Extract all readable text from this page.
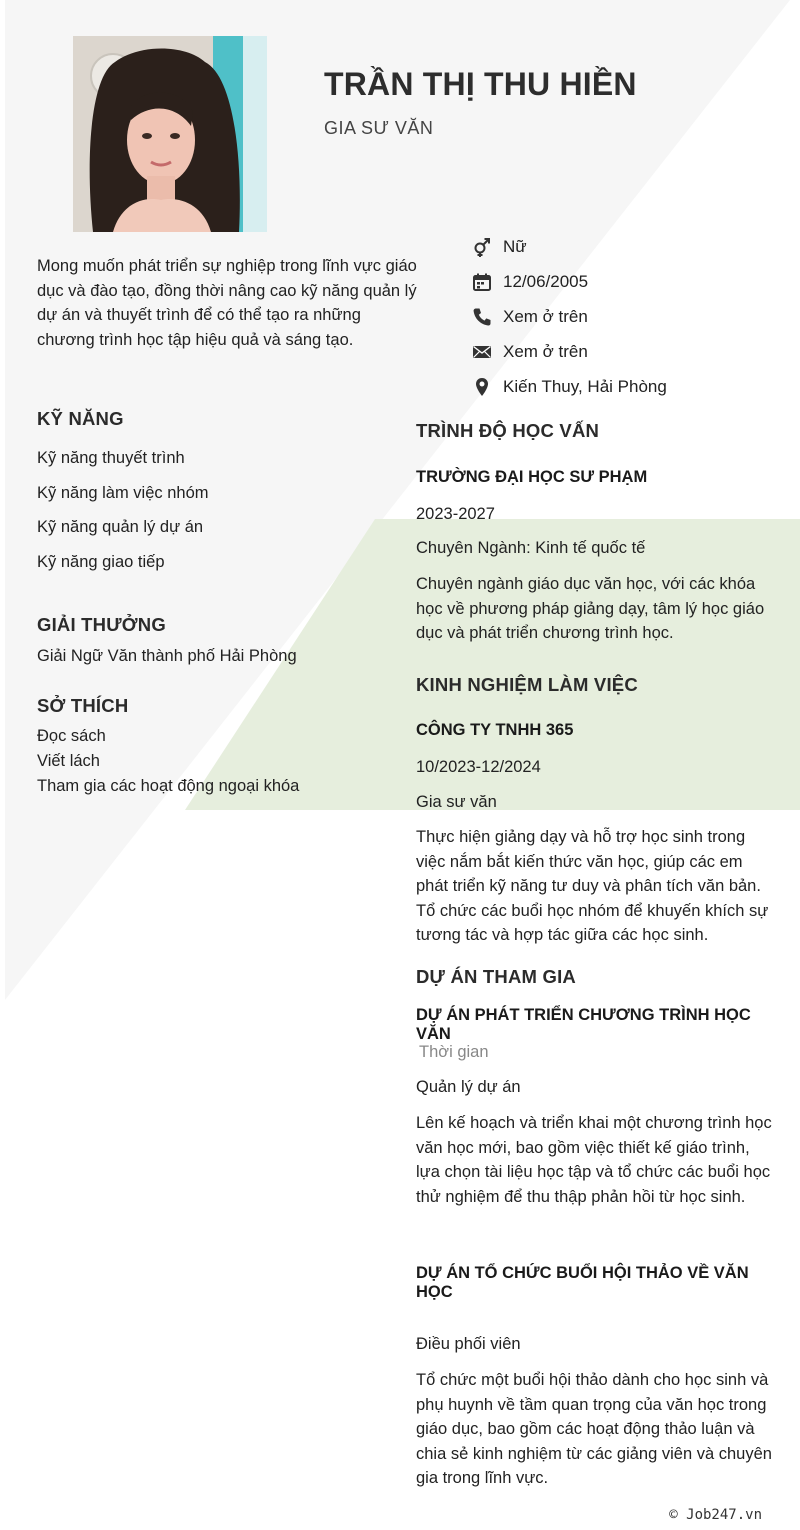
TRẦN THỊ THU HIỀN
GIA SƯ VĂN
Mong muốn phát triển sự nghiệp trong lĩnh vực giáo dục và đào tạo, đồng thời nâng cao kỹ năng quản lý dự án và thuyết trình để có thể tạo ra những chương trình học tập hiệu quả và sáng tạo.
Nữ
12/06/2005
Xem ở trên
Xem ở trên
Kiến Thuy, Hải Phòng
KỸ NĂNG
Kỹ năng thuyết trình
Kỹ năng làm việc nhóm
Kỹ năng quản lý dự án
Kỹ năng giao tiếp
GIẢI THƯỞNG
Giải Ngữ Văn thành phố Hải Phòng
SỞ THÍCH
Đọc sách
Viết lách
Tham gia các hoạt động ngoại khóa
TRÌNH ĐỘ HỌC VẤN
TRƯỜNG ĐẠI HỌC SƯ PHẠM
2023-2027
Chuyên Ngành: Kinh tế quốc tế
Chuyên ngành giáo dục văn học, với các khóa học về phương pháp giảng dạy, tâm lý học giáo dục và phát triển chương trình học.
KINH NGHIỆM LÀM VIỆC
CÔNG TY TNHH 365
10/2023-12/2024
Gia sư văn
Thực hiện giảng dạy và hỗ trợ học sinh trong việc nắm bắt kiến thức văn học, giúp các em phát triển kỹ năng tư duy và phân tích văn bản. Tổ chức các buổi học nhóm để khuyến khích sự tương tác và hợp tác giữa các học sinh.
DỰ ÁN THAM GIA
DỰ ÁN PHÁT TRIỂN CHƯƠNG TRÌNH HỌC VĂN
Thời gian
Quản lý dự án
Lên kế hoạch và triển khai một chương trình học văn học mới, bao gồm việc thiết kế giáo trình, lựa chọn tài liệu học tập và tổ chức các buổi học thử nghiệm để thu thập phản hồi từ học sinh.
DỰ ÁN TỔ CHỨC BUỔI HỘI THẢO VỀ VĂN HỌC
Điều phối viên
Tổ chức một buổi hội thảo dành cho học sinh và phụ huynh về tầm quan trọng của văn học trong giáo dục, bao gồm các hoạt động thảo luận và chia sẻ kinh nghiệm từ các giảng viên và chuyên gia trong lĩnh vực.
© Job247.vn
